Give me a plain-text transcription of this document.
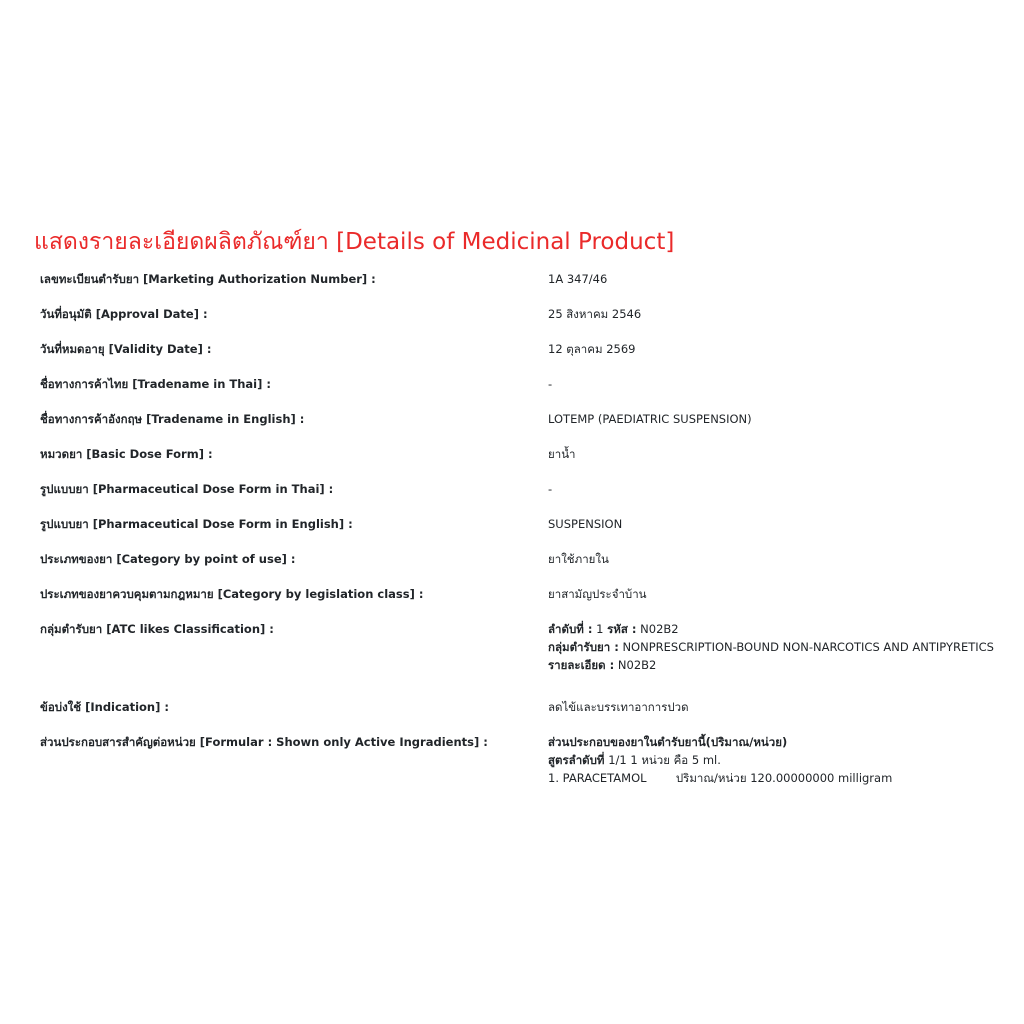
แสดงรายละเอียดผลิตภัณฑ์ยา [Details of Medicinal Product]
เลขทะเบียนตำรับยา [Marketing Authorization Number] :	1A 347/46
วันที่อนุมัติ [Approval Date] :	25 สิงหาคม 2546
วันที่หมดอายุ [Validity Date] :	12 ตุลาคม 2569
ชื่อทางการค้าไทย [Tradename in Thai] :	-
ชื่อทางการค้าอังกฤษ [Tradename in English] :	LOTEMP (PAEDIATRIC SUSPENSION)
หมวดยา [Basic Dose Form] :	ยาน้ำ
รูปแบบยา [Pharmaceutical Dose Form in Thai] :	-
รูปแบบยา [Pharmaceutical Dose Form in English] :	SUSPENSION
ประเภทของยา [Category by point of use] :	ยาใช้ภายใน
ประเภทของยาควบคุมตามกฎหมาย [Category by legislation class] :	ยาสามัญประจำบ้าน
กลุ่มตำรับยา [ATC likes Classification] :	ลำดับที่ : 1 รหัส : N02B2
กลุ่มตำรับยา : NONPRESCRIPTION-BOUND NON-NARCOTICS AND ANTIPYRETICS
รายละเอียด : N02B2
ข้อบ่งใช้ [Indication] :	ลดไข้และบรรเทาอาการปวด
ส่วนประกอบสารสำคัญต่อหน่วย [Formular : Shown only Active Ingradients] :	ส่วนประกอบของยาในตำรับยานี้(ปริมาณ/หน่วย)
สูตรลำดับที่ 1/1 1 หน่วย คือ 5 ml.
1. PARACETAMOL	ปริมาณ/หน่วย 120.00000000 milligram
